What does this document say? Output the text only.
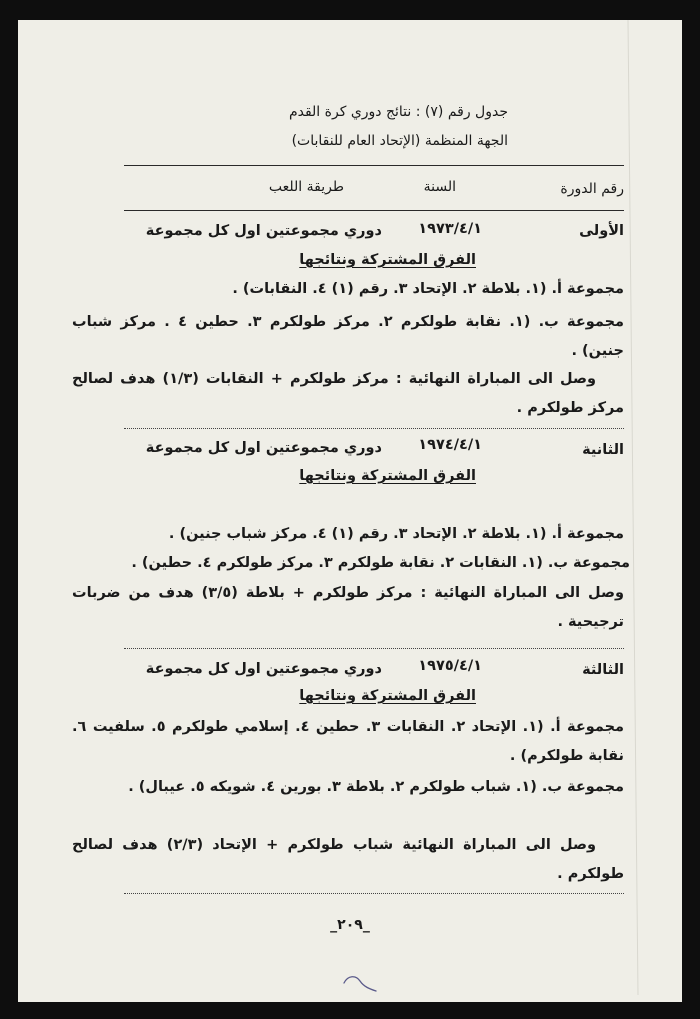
جدول رقم (٧) : نتائج دوري كرة القدم
الجهة المنظمة (الإتحاد العام للنقابات)
رقم الدورة
السنة
طريقة اللعب
الأولى
١٩٧٣/٤/١
دوري مجموعتين اول كل مجموعة
الفرق المشتركة ونتائجها
مجموعة أ. (١. بلاطة ٢. الإتحاد ٣. رقم (١) ٤. النقابات) .
مجموعة ب. (١. نقابة طولكرم ٢. مركز طولكرم ٣. حطين ٤ . مركز شباب جنين) .
وصل الى المباراة النهائية : مركز طولكرم + النقابات (١/٣) هدف لصالح مركز طولكرم .
الثانية
١٩٧٤/٤/١
دوري مجموعتين اول كل مجموعة
الفرق المشتركة ونتائجها
مجموعة أ. (١. بلاطة ٢. الإتحاد ٣. رقم (١) ٤. مركز شباب جنين) .
مجموعة ب. (١. النقابات ٢. نقابة طولكرم ٣. مركز طولكرم ٤. حطين) .
وصل الى المباراة النهائية : مركز طولكرم + بلاطة (٣/٥) هدف من ضربات ترجيحية .
الثالثة
١٩٧٥/٤/١
دوري مجموعتين اول كل مجموعة
الفرق المشتركة ونتائجها
مجموعة أ. (١. الإتحاد ٢. النقابات ٣. حطين ٤. إسلامي طولكرم ٥. سلفيت ٦. نقابة طولكرم) .
مجموعة ب. (١. شباب طولكرم ٢. بلاطة ٣. بورين ٤. شويكه ٥. عيبال) .
وصل الى المباراة النهائية شباب طولكرم + الإتحاد (٢/٣) هدف لصالح طولكرم .
_٢٠٩_
